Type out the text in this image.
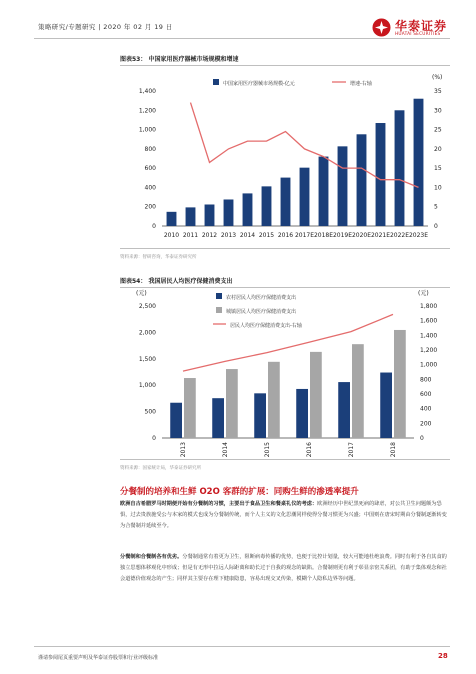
策略研究/专题研究 | 2020 年 02 月 19 日	华泰证券
HUATAI SECURITIES
图表53： 中国家用医疗器械市场规模和增速
0
200
400
600
800
1,000
1,200
1,400
0
5
10
15
20
25
30
35
(%)
2010 2011 2012 2013 2014 2015 2016 2017E 2018E 2019E 2020E 2021E 2022E 2023E
中国家用医疗器械市场规模-亿元	增速-右轴
资料来源：智研咨询，华泰证券研究所
图表54： 我国居民人均医疗保健消费支出
0
500
1,000
1,500
2,000
2,500
0
200
400
600
800
1,000
1,200
1,400
1,600
1,800
(元)	(元)
2013	2014	2015	2016	2017	2018
农村居民人均医疗保健消费支出
城镇居民人均医疗保健消费支出
居民人均医疗保健消费支出-右轴
资料来源：国家统计局，华泰证券研究所
分餐制的培养和生鲜 O2O 客群的扩展：同购生鲜的渗透率提升
欧洲自古希腊罗马时期便开始有分餐制的习惯，主要出于食品卫生和餐桌礼仪的考虑：欧洲经历中世纪黑死病的肆虐，对公共卫生问题颇为恐惧，过去贵族施受公与本家的模式也成为分餐制传统，而个人主义的文化思潮同样使得分餐习惯更为兴盛；中国则在唐宋时期由分餐制逐渐转变为合餐制并延续至今。
分餐制和合餐制各有优劣。分餐制通常有着更为卫生，阻断病毒传播的优势，也便于比控计划量，较大可能地杜绝浪费。同时有利于各自其食的独立思想体移观化中形成；但是有无形中拉远人际距离和助长过于自我的观念的缺陷。合餐制则更有利于彰显亲密关系团，有助于集体观念和社会道德价值观念的产生；同样其主要存在理下健康隐患，容易出现交叉传染，模糊个人隐私边界等问题。
谨请参阅尾页重要声明及华泰证券股票和行业评级标准	28
